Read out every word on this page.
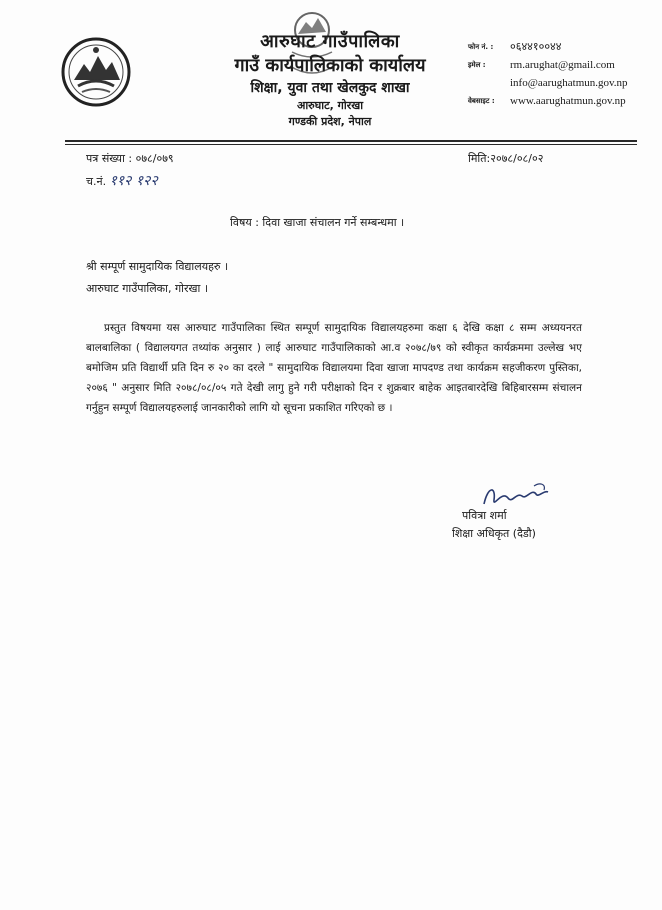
आरुघाट गाउँपालिका
गाउँ कार्यपालिकाको कार्यालय
शिक्षा, युवा तथा खेलकुद शाखा
आरुघाट, गोरखा
गण्डकी प्रदेश, नेपाल
फोन नं. :	०६४४१००४४
इमेल :	rm.arughat@gmail.com
info@aarughatmun.gov.np
वेबसाइट :	www.aarughatmun.gov.np
पत्र संख्या : ०७८/०७९
च.नं. ११२ १२२
मिति:२०७८/०८/०२
विषय : दिवा खाजा संचालन गर्ने सम्बन्धमा ।
श्री सम्पूर्ण सामुदायिक विद्यालयहरु ।
आरुघाट गाउँपालिका, गोरखा ।
प्रस्तुत विषयमा यस आरुघाट गाउँपालिका स्थित सम्पूर्ण सामुदायिक विद्यालयहरुमा कक्षा ६ देखि कक्षा ८ सम्म अध्ययनरत बालबालिका ( विद्यालयगत तथ्यांक अनुसार ) लाई आरुघाट गाउँपालिकाको आ.व २०७८/७९ को स्वीकृत कार्यक्रममा उल्लेख भए बमोजिम प्रति विद्यार्थी प्रति दिन रु २० का दरले " सामुदायिक विद्यालयमा दिवा खाजा मापदण्ड तथा कार्यक्रम सहजीकरण पुस्तिका, २०७६ " अनुसार मिति २०७८/०८/०५ गते देखी लागु हुने गरी परीक्षाको दिन र शुक्रबार बाहेक आइतबारदेखि बिहिबारसम्म संचालन गर्नुहुन सम्पूर्ण विद्यालयहरुलाई जानकारीको लागि यो सूचना प्रकाशित गरिएको छ ।
पवित्रा शर्मा
शिक्षा अधिकृत (दैडौ)
